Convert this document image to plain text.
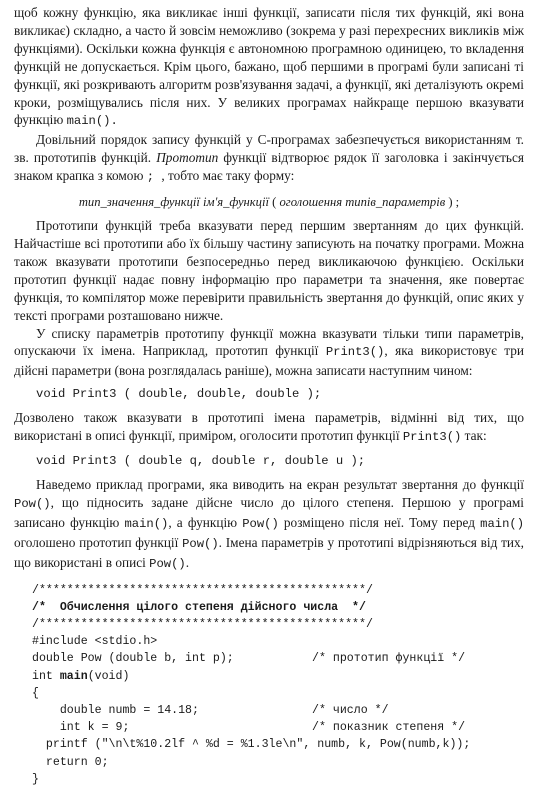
щоб кожну функцію, яка викликає інші функції, записати після тих функцій, які вона викликає) складно, а часто й зовсім неможливо (зокрема у разі перехресних викликів між функціями). Оскільки кожна функція є автономною програмною одиницею, то вкладення функцій не допускається. Крім цього, бажано, щоб першими в програмі були записані ті функції, які розкривають алгоритм розв'язування задачі, а функції, які деталізують окремі кроки, розміщувались після них. У великих програмах найкраще першою вказувати функцію main().

Довільний порядок запису функцій у С-програмах забезпечується використанням т. зв. прототипів функцій. Прототип функції відтворює рядок її заголовка і закінчується знаком крапка з комою ; , тобто має таку форму:

тип_значення_функції ім'я_функції ( оголошення типів_параметрів ) ;

Прототипи функцій треба вказувати перед першим звертанням до цих функцій. Найчастіше всі прототипи або їх більшу частину записують на початку програми. Можна також вказувати прототипи безпосередньо перед викликаючою функцією. Оскільки прототип функції надає повну інформацію про параметри та значення, яке повертає функція, то компілятор може перевірити правильність звертання до функцій, опис яких у тексті програми розташовано нижче.

У списку параметрів прототипу функції можна вказувати тільки типи параметрів, опускаючи їх імена. Наприклад, прототип функції Print3(), яка використовує три дійсні параметри (вона розглядалась раніше), можна записати наступним чином:

void Print3 ( double, double, double );

Дозволено також вказувати в прототипі імена параметрів, відмінні від тих, що використані в описі функції, приміром, оголосити прототип функції Print3() так:

void Print3 ( double q, double r, double u );

Наведемо приклад програми, яка виводить на екран результат звертання до функції Pow(), що підносить задане дійсне число до цілого степеня. Першою у програмі записано функцію main(), а функцію Pow() розміщено після неї. Тому перед main() оголошено прототип функції Pow(). Імена параметрів у прототипі відрізняються від тих, що використані в описі Pow().

/***********************************************/
/*  Обчислення цілого степеня дійсного числа  */
/***********************************************/
#include <stdio.h>
double Pow (double b, int p);	/* прототип функції */
int main(void)
{
double numb = 14.18;	/* число */
int k = 9;	/* показник степеня */
printf ("\n\t%10.2lf ^ %d = %1.3le\n", numb, k, Pow(numb,k));
return 0;
}
